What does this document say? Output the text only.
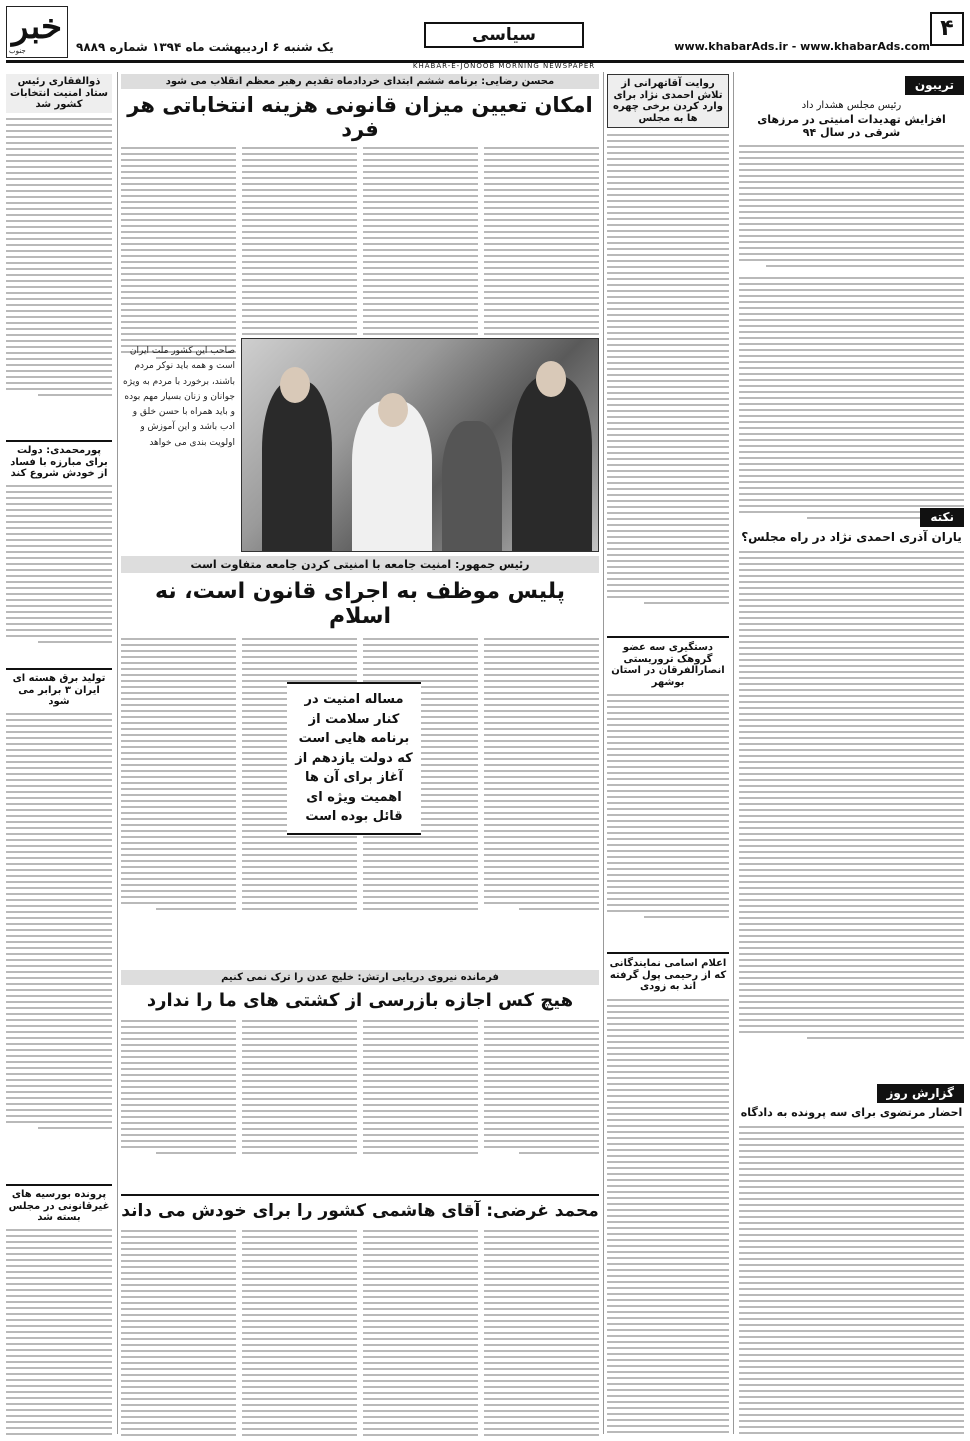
خبر
جنوب	یک شنبه ۶ اردیبهشت ماه ۱۳۹۴ شماره ۹۸۸۹
سیاسی
www.khabarAds.ir - www.khabarAds.com
۴
KHABAR-E-JONOOB MORNING NEWSPAPER
تریبون
رئیس مجلس هشدار داد
افزایش تهدیدات امنیتی در مرزهای شرقی در سال ۹۴
نکته
یاران آذری احمدی نژاد در راه مجلس؟
گزارش روز
احضار مرتضوی برای سه پرونده به دادگاه
روایت آقاتهرانی از تلاش احمدی نژاد برای وارد کردن برخی چهره ها به مجلس
دستگیری سه عضو گروهک تروریستی انصارالفرقان در استان بوشهر
اعلام اسامی نمایندگانی که از رحیمی پول گرفته اند به زودی
محسن رضایی: برنامه ششم ابتدای خردادماه تقدیم رهبر معظم انقلاب می شود
امکان تعیین میزان قانونی هزینه انتخاباتی هر فرد
صاحب این کشور ملت ایران است و همه باید نوکر مردم باشند، برخورد با مردم به ویژه جوانان و زنان بسیار مهم بوده و باید همراه با حسن خلق و ادب باشد و این آموزش و اولویت بندی می خواهد
رئیس جمهور: امنیت جامعه با امنیتی کردن جامعه متفاوت است
پلیس موظف به اجرای قانون است، نه اسلام
مساله امنیت در کنار سلامت از برنامه هایی است که دولت یازدهم از آغاز برای آن ها اهمیت ویژه ای قائل بوده است
فرمانده نیروی دریایی ارتش: خلیج عدن را ترک نمی کنیم
هیچ کس اجازه بازرسی از کشتی های ما را ندارد
محمد غرضی: آقای هاشمی کشور را برای خودش می داند
ذوالفقاری رئیس ستاد امنیت انتخابات کشور شد
پورمحمدی: دولت برای مبارزه با فساد از خودش شروع کند
تولید برق هسته ای ایران ۳ برابر می شود
پرونده بورسیه های غیرقانونی در مجلس بسته شد
